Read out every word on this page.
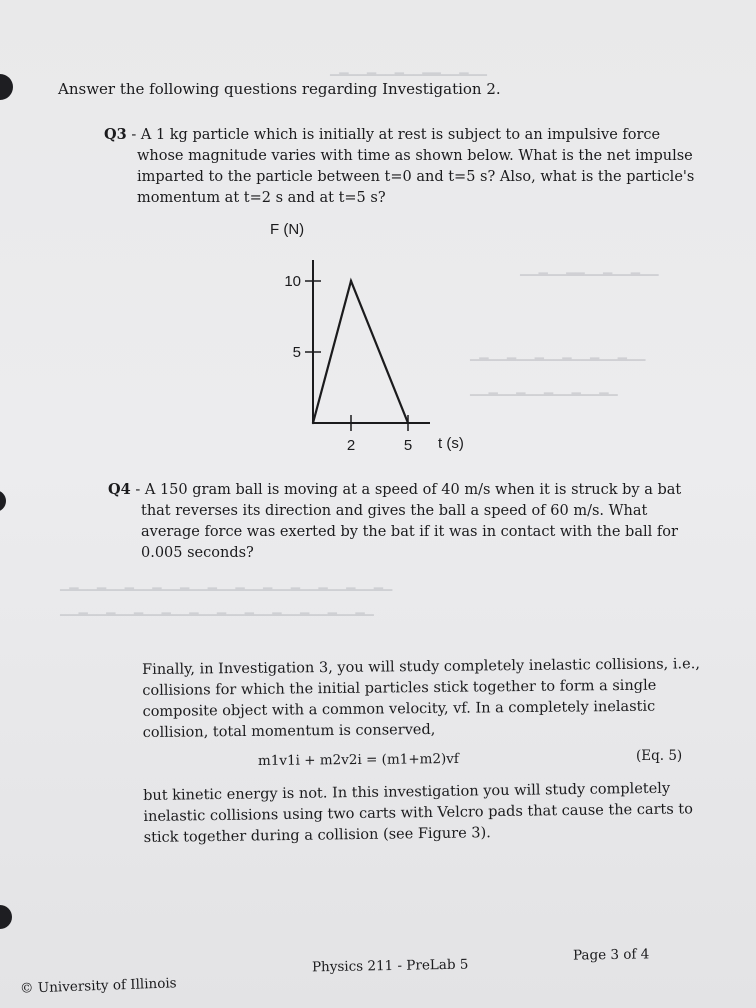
▁▂▁▁▂▁▁▂▁▁▂▂▁▁▂▁▁
▁▁▂▁▁▂▂▁▁▂▁▁▂▁▁
▁▂▁▁▂▁▁▂▁▁▂▁▁▂▁▁▂▁▁
▁▁▂▁▁▂▁▁▂▁▁▂▁▁▂▁
▁▂▁▁▂▁▁▂▁▁▂▁▁▂▁▁▂▁▁▂▁▁▂▁▁▂▁▁▂▁▁▂▁▁▂▁
▁▁▂▁▁▂▁▁▂▁▁▂▁▁▂▁▁▂▁▁▂▁▁▂▁▁▂▁▁▂▁▁▂▁
Answer the following questions regarding Investigation 2.
Q3 - A 1 kg particle which is initially at rest is subject to an impulsive force
whose magnitude varies with time as shown below. What is the net impulse
imparted to the particle between t=0 and t=5 s? Also, what is the particle's
momentum at t=2 s and at t=5 s?
F (N)
10
5
2	5 t (s)
Q4 - A 150 gram ball is moving at a speed of 40 m/s when it is struck by a bat
that reverses its direction and gives the ball a speed of 60 m/s. What
average force was exerted by the bat if it was in contact with the ball for
0.005 seconds?
Finally, in Investigation 3, you will study completely inelastic collisions, i.e.,
collisions for which the initial particles stick together to form a single
composite object with a common velocity, vf. In a completely inelastic
collision, total momentum is conserved,
m1v1i + m2v2i = (m1+m2)vf	(Eq. 5)
but kinetic energy is not. In this investigation you will study completely
inelastic collisions using two carts with Velcro pads that cause the carts to
stick together during a collision (see Figure 3).
© University of Illinois
Physics 211 - PreLab 5
Page 3 of 4
